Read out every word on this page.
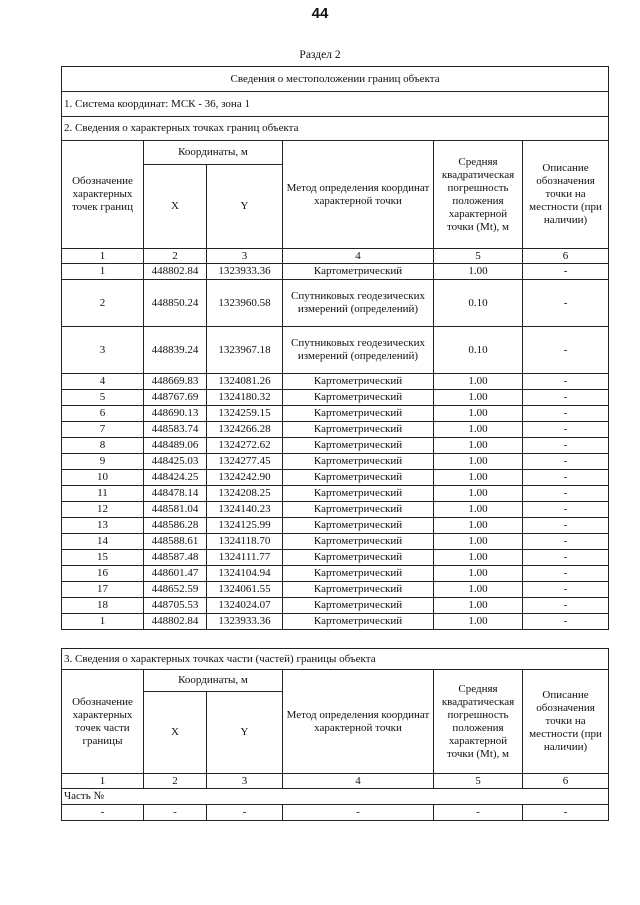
44
Раздел 2
Сведения о местоположении границ объекта					
1. Система координат: МСК - 36, зона 1					
2. Сведения о характерных точках границ объекта					
Обозначение характерных точек границ	Координаты, м		Метод определения координат характерной точки	Средняя квадратическая погрешность положения характерной точки (Mt), м	Описание обозначения точки на местности (при наличии)
	X	Y			
1	2	3	4	5	6
1	448802.84	1323933.36	Картометрический	1.00	-
2	448850.24	1323960.58	Спутниковых геодезических измерений (определений)	0.10	-
3	448839.24	1323967.18	Спутниковых геодезических измерений (определений)	0.10	-
4	448669.83	1324081.26	Картометрический	1.00	-
5	448767.69	1324180.32	Картометрический	1.00	-
6	448690.13	1324259.15	Картометрический	1.00	-
7	448583.74	1324266.28	Картометрический	1.00	-
8	448489.06	1324272.62	Картометрический	1.00	-
9	448425.03	1324277.45	Картометрический	1.00	-
10	448424.25	1324242.90	Картометрический	1.00	-
11	448478.14	1324208.25	Картометрический	1.00	-
12	448581.04	1324140.23	Картометрический	1.00	-
13	448586.28	1324125.99	Картометрический	1.00	-
14	448588.61	1324118.70	Картометрический	1.00	-
15	448587.48	1324111.77	Картометрический	1.00	-
16	448601.47	1324104.94	Картометрический	1.00	-
17	448652.59	1324061.55	Картометрический	1.00	-
18	448705.53	1324024.07	Картометрический	1.00	-
1	448802.84	1323933.36	Картометрический	1.00	-
3. Сведения о характерных точках части (частей) границы объекта					
Обозначение характерных точек части границы	Координаты, м		Метод определения координат характерной точки	Средняя квадратическая погрешность положения характерной точки (Mt), м	Описание обозначения точки на местности (при наличии)
	X	Y			
1	2	3	4	5	6
Часть №					
-	-	-	-	-	-
